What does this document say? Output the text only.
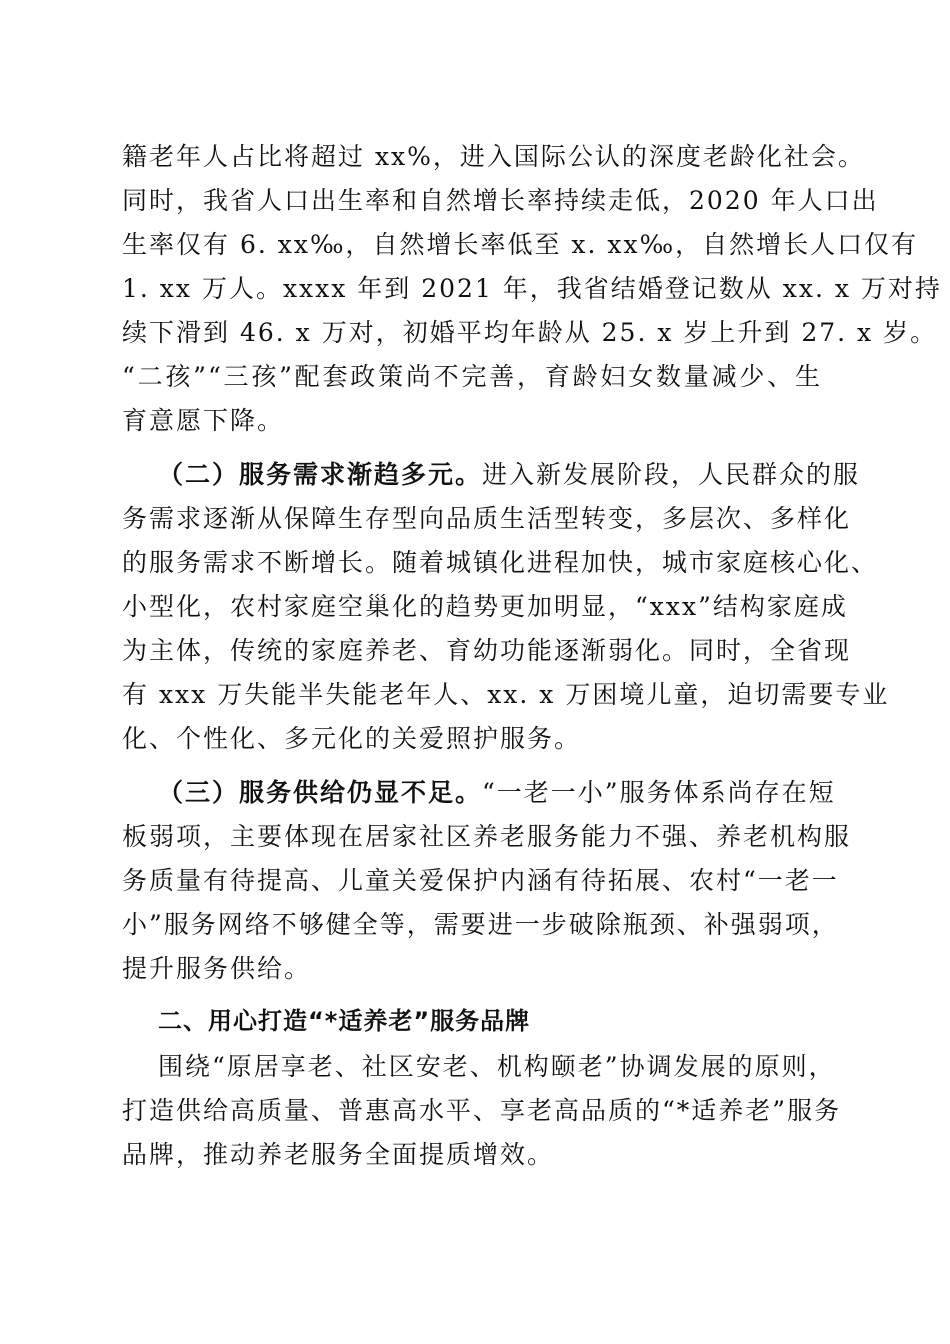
籍老年人占比将超过 xx%，进入国际公认的深度老龄化社会。
同时，我省人口出生率和自然增长率持续走低，2020 年人口出
生率仅有 6. xx‰，自然增长率低至 x. xx‰，自然增长人口仅有
1. xx 万人。xxxx 年到 2021 年，我省结婚登记数从 xx. x 万对持
续下滑到 46. x 万对，初婚平均年龄从 25. x 岁上升到 27. x 岁。
“二孩”“三孩”配套政策尚不完善，育龄妇女数量减少、生
育意愿下降。
（二）服务需求渐趋多元。进入新发展阶段，人民群众的服
务需求逐渐从保障生存型向品质生活型转变，多层次、多样化
的服务需求不断增长。随着城镇化进程加快，城市家庭核心化、
小型化，农村家庭空巢化的趋势更加明显，“xxx”结构家庭成
为主体，传统的家庭养老、育幼功能逐渐弱化。同时，全省现
有 xxx 万失能半失能老年人、xx. x 万困境儿童，迫切需要专业
化、个性化、多元化的关爱照护服务。
（三）服务供给仍显不足。“一老一小”服务体系尚存在短
板弱项，主要体现在居家社区养老服务能力不强、养老机构服
务质量有待提高、儿童关爱保护内涵有待拓展、农村“一老一
小”服务网络不够健全等，需要进一步破除瓶颈、补强弱项，
提升服务供给。
二、用心打造“*适养老”服务品牌
围绕“原居享老、社区安老、机构颐老”协调发展的原则，
打造供给高质量、普惠高水平、享老高品质的“*适养老”服务
品牌，推动养老服务全面提质增效。
